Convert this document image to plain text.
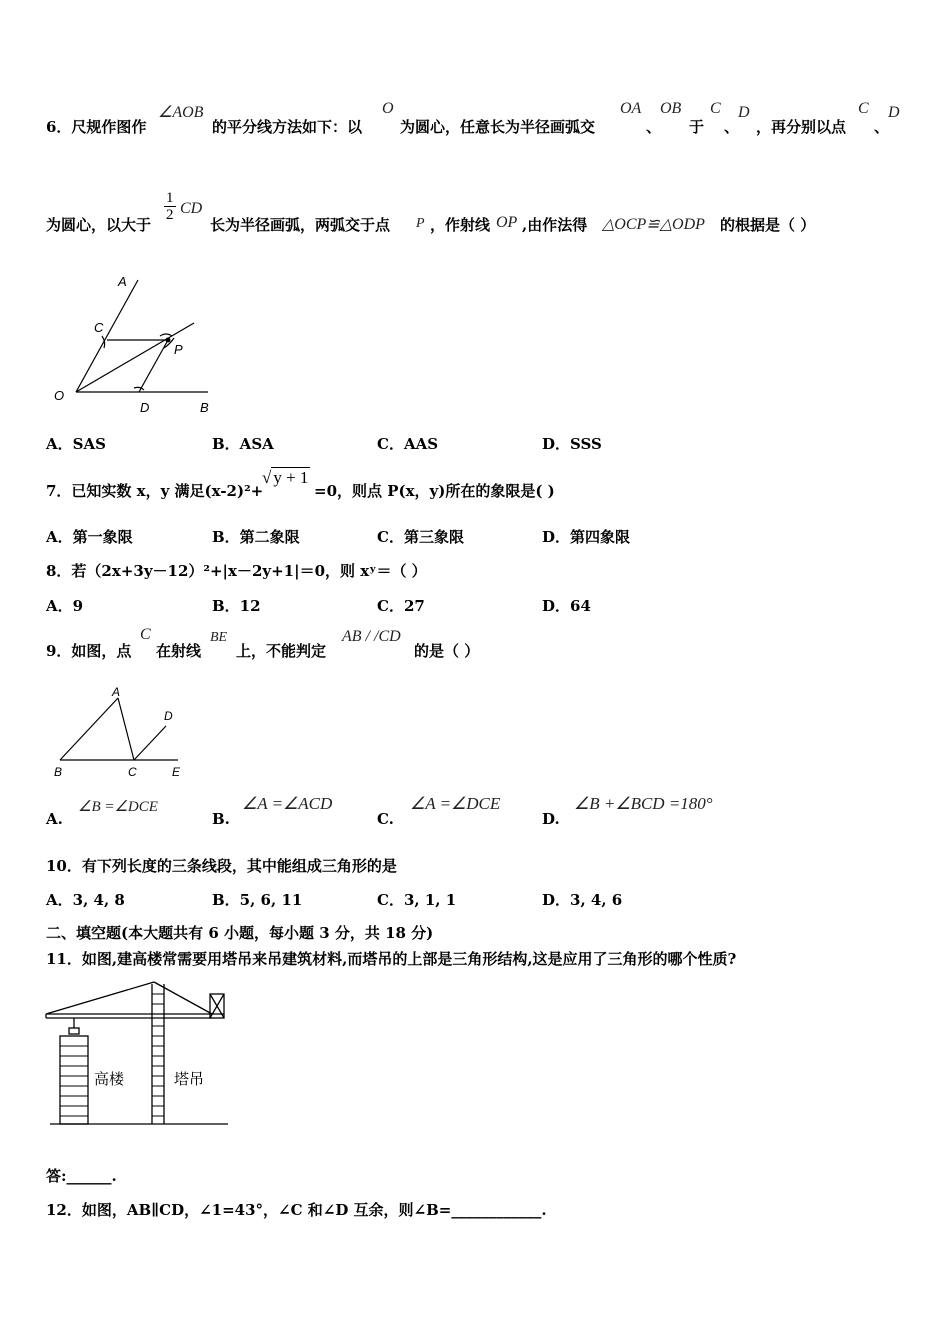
6．尺规作图作
∠AOB
的平分线方法如下：以
O
为圆心，任意长为半径画弧交
OA
、
OB
于
C
、
D
，再分别以点
C
、
D
为圆心，以大于
$\frac{1}{2}$ CD
长为半径画弧，两弧交于点 P ，作射线 OP ,由作法得 △OCP≌△ODP 的根据是（ ）
A
C
P
O
D	B
A．SAS	B．ASA	C．AAS	D．SSS
7．已知实数 x，y 满足(x-2)²+
√ y + 1
=0，则点 P(x，y)所在的象限是( )
A．第一象限	B．第二象限	C．第三象限	D．第四象限
8．若（2x+3y－12）²+|x－2y+1|＝0，则 xʸ＝（ ）
A．9	B．12	C．27	D．64
9．如图，点
C
在射线
BE
上，不能判定
AB / /CD
的是（ ）
A
D
B	C	E
A.
∠B =∠DCE
B.
∠A =∠ACD
C.
∠A =∠DCE
D.
∠B +∠BCD =180°
10．有下列长度的三条线段，其中能组成三角形的是
A．3, 4, 8	B．5, 6, 11	C．3, 1, 1	D．3, 4, 6
二、填空题(本大题共有 6 小题，每小题 3 分，共 18 分)
11．如图,建高楼常需要用塔吊来吊建筑材料,而塔吊的上部是三角形结构,这是应用了三角形的哪个性质?
高楼	塔吊
答:______.
12．如图，AB∥CD，∠1=43°，∠C 和∠D 互余，则∠B=____________.
